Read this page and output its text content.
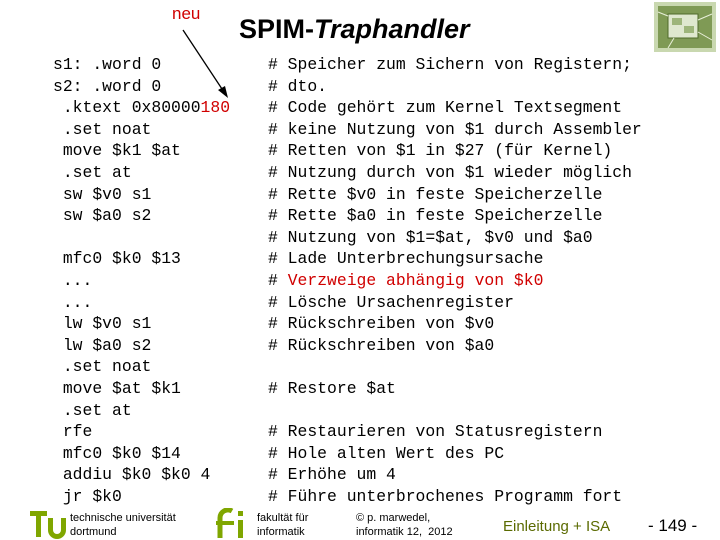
neu
SPIM-Traphandler
s1: .word 0	# Speicher zum Sichern von Registern;
s2: .word 0	# dto.
.ktext 0x80000180 # Code gehört zum Kernel Textsegment
.set noat	# keine Nutzung von $1 durch Assembler
move $k1 $at	# Retten von $1 in $27 (für Kernel)
.set at	# Nutzung durch von $1 wieder möglich
sw $v0 s1	# Rette $v0 in feste Speicherzelle
sw $a0 s2	# Rette $a0 in feste Speicherzelle
# Nutzung von $1=$at, $v0 und $a0
mfc0 $k0 $13	# Lade Unterbrechungsursache
...	# Verzweige abhängig von $k0
...	# Lösche Ursachenregister
lw $v0 s1	# Rückschreiben von $v0
lw $a0 s2	# Rückschreiben von $a0
.set noat
move $at $k1	# Restore $at
.set at
rfe	# Restaurieren von Statusregistern
mfc0 $k0 $14	# Hole alten Wert des PC
addiu $k0 $k0 4	# Erhöhe um 4
jr $k0	# Führe unterbrochenes Programm fort
technische universität
dortmund
fakultät für
informatik
© p. marwedel,
informatik 12,  2012	Einleitung + ISA - 149 -
